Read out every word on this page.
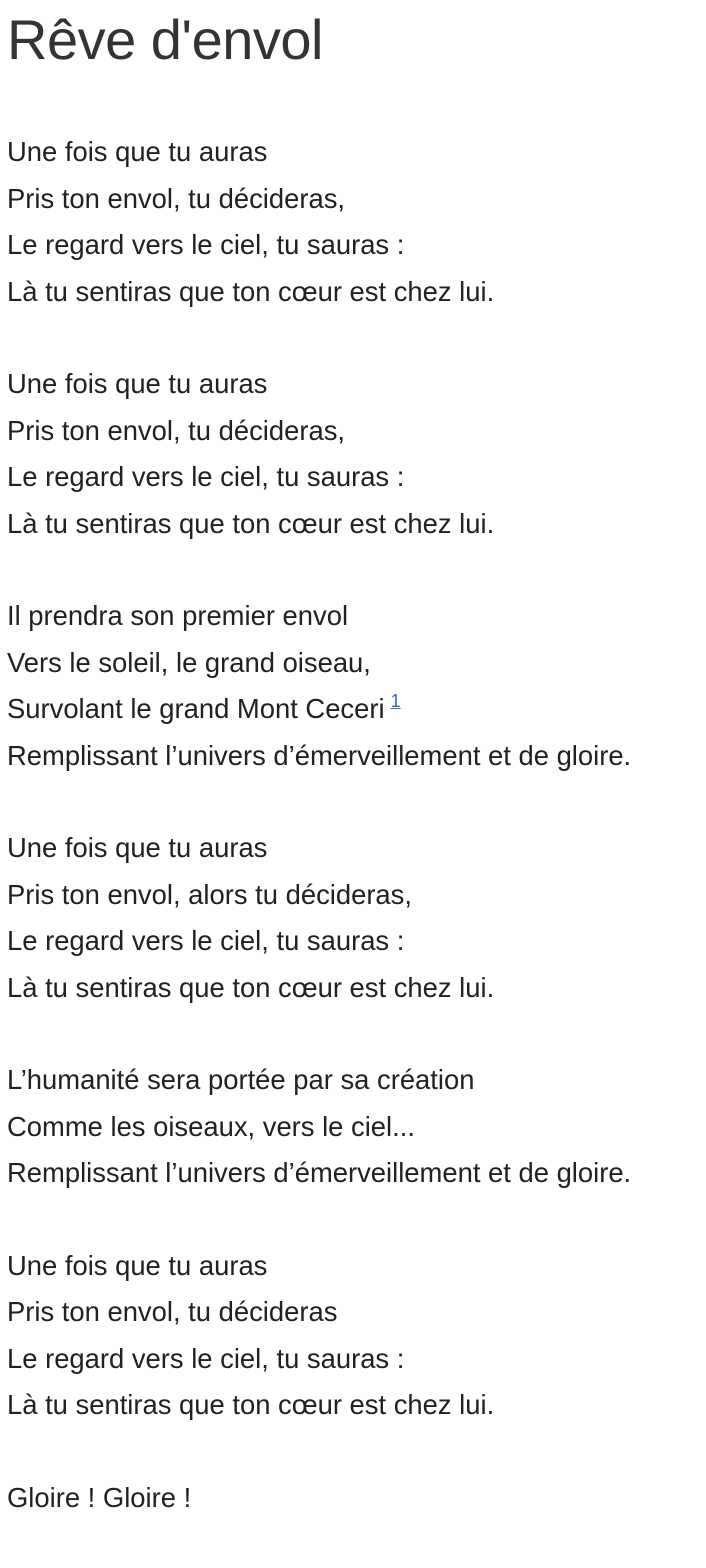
Rêve d'envol
Une fois que tu auras
Pris ton envol, tu décideras,
Le regard vers le ciel, tu sauras :
Là tu sentiras que ton cœur est chez lui.
Une fois que tu auras
Pris ton envol, tu décideras,
Le regard vers le ciel, tu sauras :
Là tu sentiras que ton cœur est chez lui.
Il prendra son premier envol
Vers le soleil, le grand oiseau,
Survolant le grand Mont Ceceri $^1$
Remplissant l’univers d’émerveillement et de gloire.
Une fois que tu auras
Pris ton envol, alors tu décideras,
Le regard vers le ciel, tu sauras :
Là tu sentiras que ton cœur est chez lui.
L’humanité sera portée par sa création
Comme les oiseaux, vers le ciel...
Remplissant l’univers d’émerveillement et de gloire.
Une fois que tu auras
Pris ton envol, tu décideras
Le regard vers le ciel, tu sauras :
Là tu sentiras que ton cœur est chez lui.
Gloire ! Gloire !
